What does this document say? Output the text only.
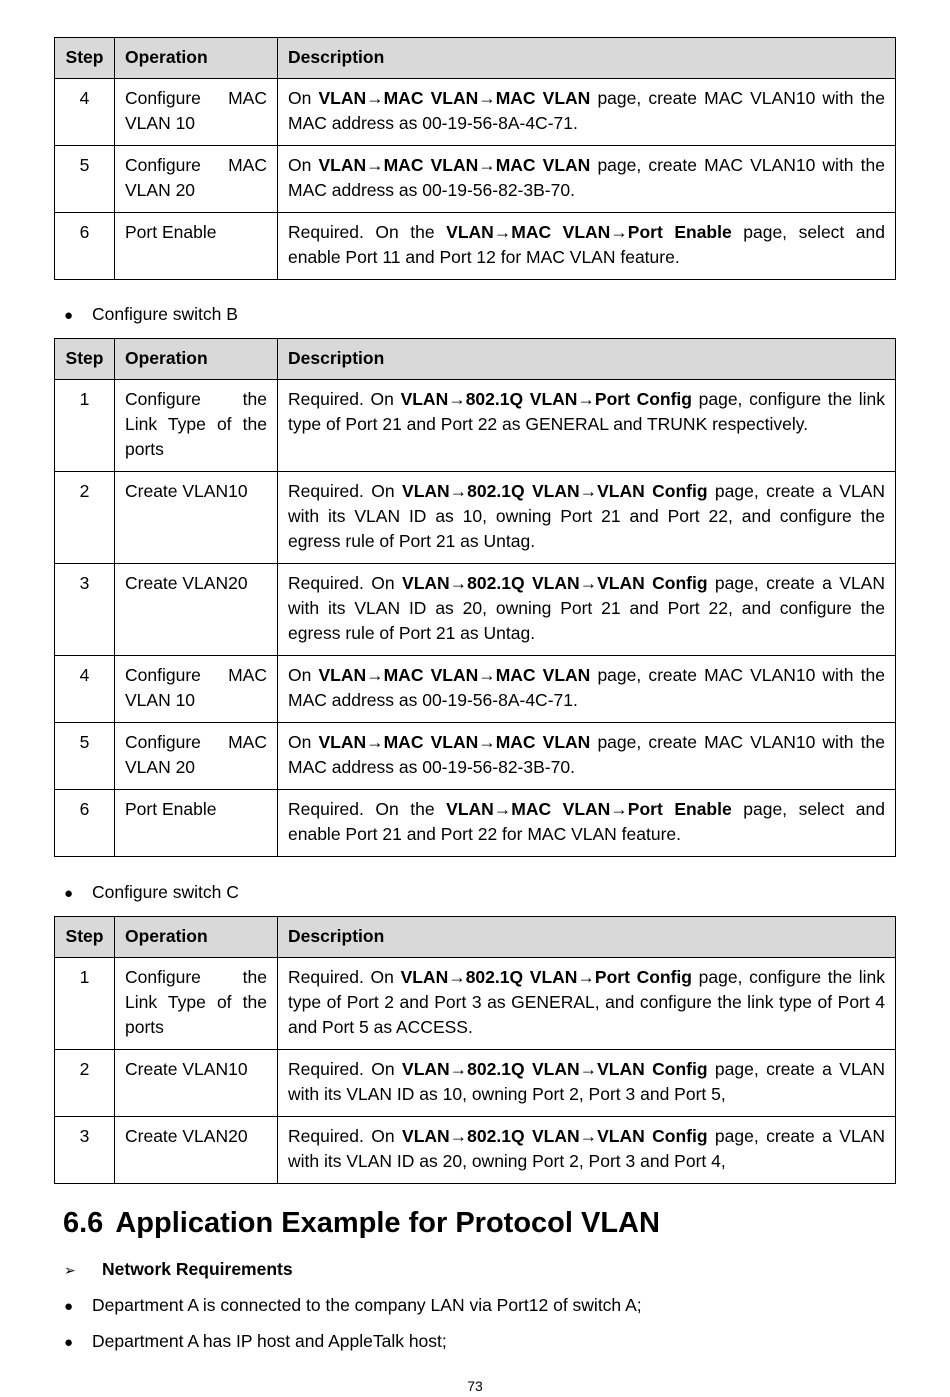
Step	Operation	Description
4	Configure MAC VLAN 10	On VLAN→MAC VLAN→MAC VLAN page, create MAC VLAN10 with the MAC address as 00-19-56-8A-4C-71.
5	Configure MAC VLAN 20	On VLAN→MAC VLAN→MAC VLAN page, create MAC VLAN10 with the MAC address as 00-19-56-82-3B-70.
6	Port Enable	Required. On the VLAN→MAC VLAN→Port Enable page, select and enable Port 11 and Port 12 for MAC VLAN feature.
● Configure switch B
Step	Operation	Description
1	Configure the Link Type of the ports	Required. On VLAN→802.1Q VLAN→Port Config page, configure the link type of Port 21 and Port 22 as GENERAL and TRUNK respectively.
2	Create VLAN10	Required. On VLAN→802.1Q VLAN→VLAN Config page, create a VLAN with its VLAN ID as 10, owning Port 21 and Port 22, and configure the egress rule of Port 21 as Untag.
3	Create VLAN20	Required. On VLAN→802.1Q VLAN→VLAN Config page, create a VLAN with its VLAN ID as 20, owning Port 21 and Port 22, and configure the egress rule of Port 21 as Untag.
4	Configure MAC VLAN 10	On VLAN→MAC VLAN→MAC VLAN page, create MAC VLAN10 with the MAC address as 00-19-56-8A-4C-71.
5	Configure MAC VLAN 20	On VLAN→MAC VLAN→MAC VLAN page, create MAC VLAN10 with the MAC address as 00-19-56-82-3B-70.
6	Port Enable	Required. On the VLAN→MAC VLAN→Port Enable page, select and enable Port 21 and Port 22 for MAC VLAN feature.
● Configure switch C
Step	Operation	Description
1	Configure the Link Type of the ports	Required. On VLAN→802.1Q VLAN→Port Config page, configure the link type of Port 2 and Port 3 as GENERAL, and configure the link type of Port 4 and Port 5 as ACCESS.
2	Create VLAN10	Required. On VLAN→802.1Q VLAN→VLAN Config page, create a VLAN with its VLAN ID as 10, owning Port 2, Port 3 and Port 5,
3	Create VLAN20	Required. On VLAN→802.1Q VLAN→VLAN Config page, create a VLAN with its VLAN ID as 20, owning Port 2, Port 3 and Port 4,
6.6 Application Example for Protocol VLAN
➢ Network Requirements
● Department A is connected to the company LAN via Port12 of switch A;
● Department A has IP host and AppleTalk host;
73
